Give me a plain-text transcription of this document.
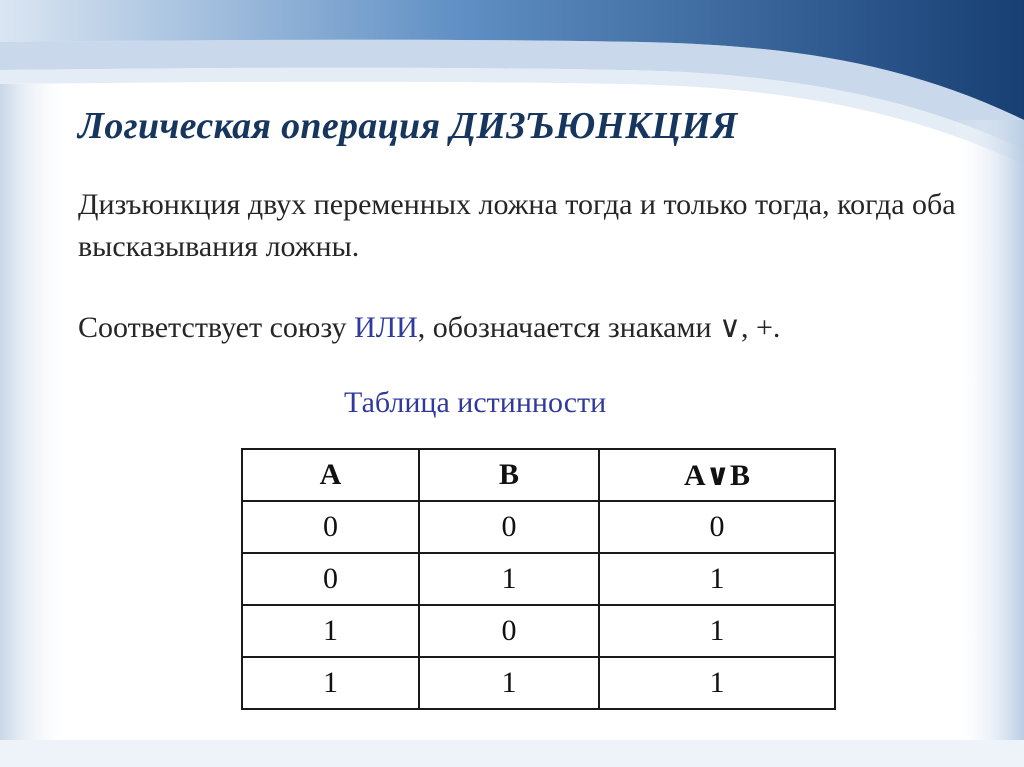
Логическая операция ДИЗЪЮНКЦИЯ

Дизъюнкция двух переменных ложна тогда и только тогда, когда оба высказывания ложны.

Соответствует союзу ИЛИ, обозначается знаками ∨, +.

Таблица истинности

A	B	A∨B
0	0	0
0	1	1
1	0	1
1	1	1
